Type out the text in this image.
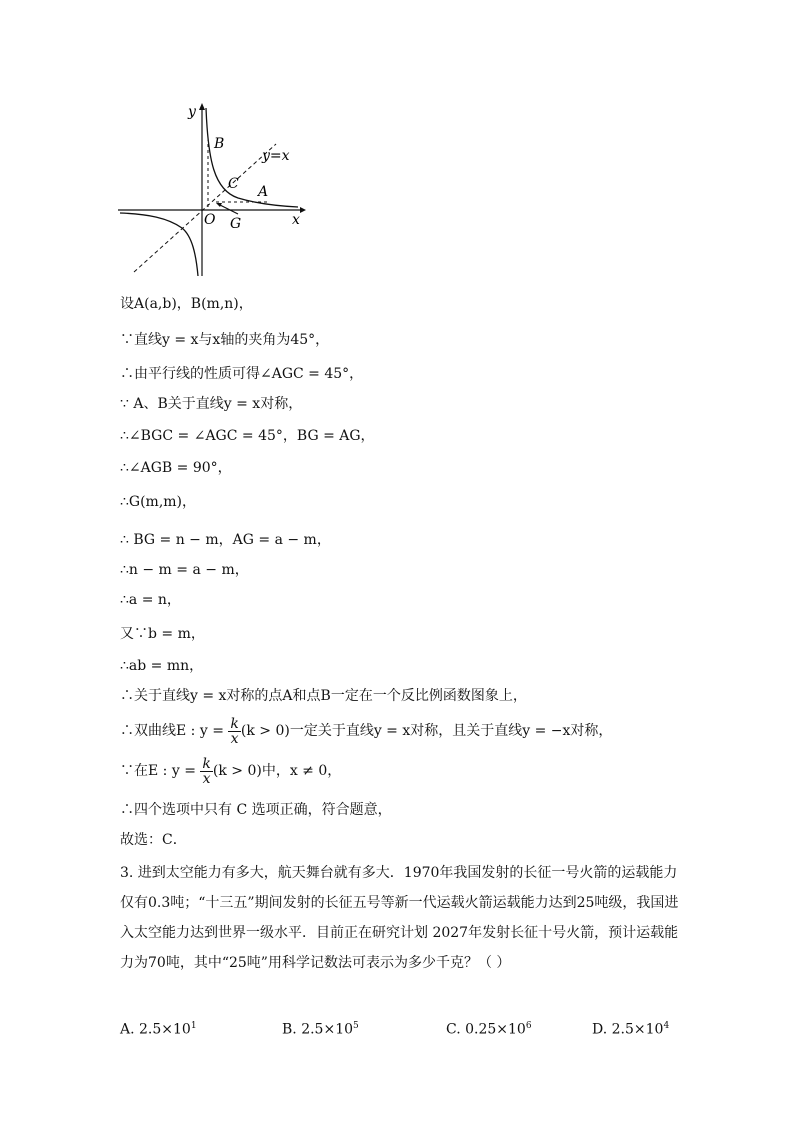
y
B
y=x
C A
O G	x
设A(a,b)，B(m,n)，
∵直线y = x与x轴的夹角为45°，
∴由平行线的性质可得∠AGC = 45°，
∵ A、B关于直线y = x对称，
∴∠BGC = ∠AGC = 45°，BG = AG，
∴∠AGB = 90°，
∴G(m,m)，
∴ BG = n − m，AG = a − m，
∴n − m = a − m，
∴a = n，
又∵b = m，
∴ab = mn，
∴关于直线y = x对称的点A和点B一定在一个反比例函数图象上，
∴双曲线E : $y = \frac{k}{x} (k > 0)$一定关于直线y = x对称，且关于直线y = −x对称，
∵在E : $y = \frac{k}{x} (k > 0)$中，x ≠ 0，
∴四个选项中只有 C 选项正确，符合题意，
故选：C．
3. 进到太空能力有多大，航天舞台就有多大．1970年我国发射的长征一号火箭的运载能力仅有0.3吨；“十三五”期间发射的长征五号等新一代运载火箭运载能力达到25吨级，我国进入太空能力达到世界一级水平．目前正在研究计划 2027年发射长征十号火箭，预计运载能力为70吨，其中“25吨”用科学记数法可表示为多少千克？（ ）
A. $2.5\times 10^1$	B. $2.5\times 10^5$	C. $0.25\times 10^6$	D. $2.5\times 10^4$
